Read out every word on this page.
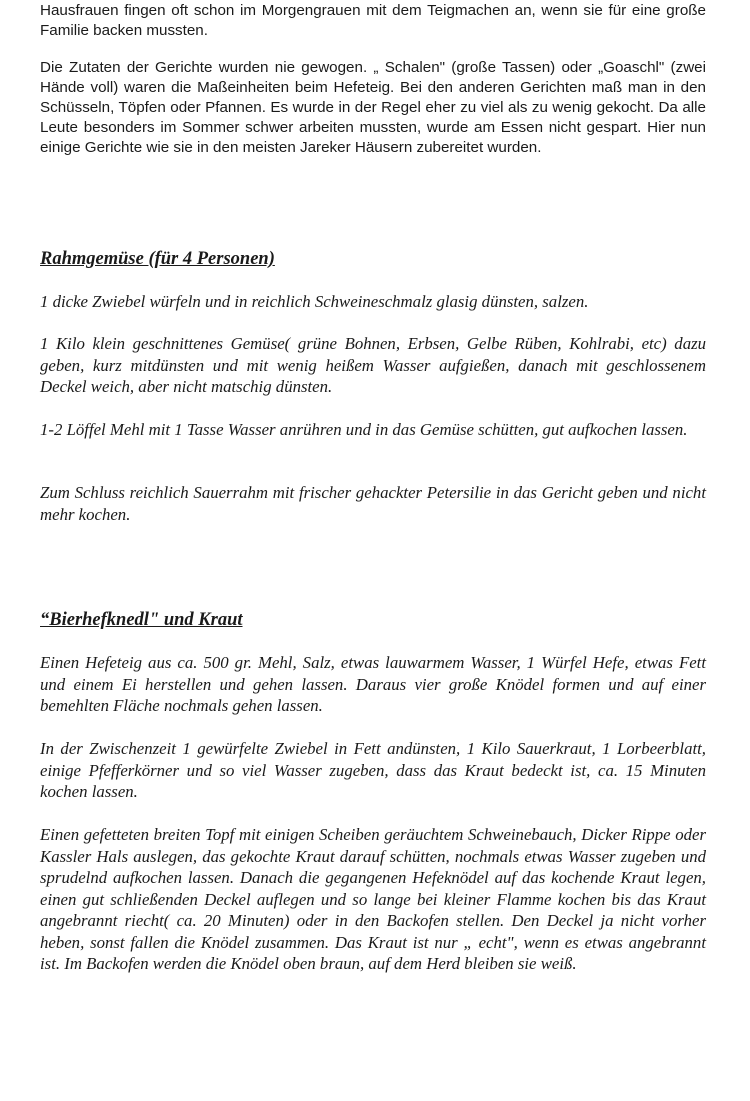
Hausfrauen fingen oft schon im Morgengrauen mit dem Teigmachen an, wenn sie für eine große Familie backen mussten.

Die Zutaten der Gerichte wurden nie gewogen. „ Schalen" (große Tassen) oder „Goaschl" (zwei Hände voll) waren die Maßeinheiten beim Hefeteig. Bei den anderen Gerichten maß man in den Schüsseln, Töpfen oder Pfannen. Es wurde in der Regel eher zu viel als zu wenig gekocht. Da alle Leute besonders im Sommer schwer arbeiten mussten, wurde am Essen nicht gespart. Hier nun einige Gerichte wie sie in den meisten Jareker Häusern zubereitet wurden.

Rahmgemüse (für 4 Personen)

1 dicke Zwiebel würfeln und in reichlich Schweineschmalz glasig dünsten, salzen.

1 Kilo klein geschnittenes Gemüse( grüne Bohnen, Erbsen, Gelbe Rüben, Kohlrabi, etc) dazu geben, kurz mitdünsten und mit wenig heißem Wasser aufgießen, danach mit geschlossenem Deckel weich, aber nicht matschig dünsten.

1-2 Löffel Mehl mit 1 Tasse Wasser anrühren und in das Gemüse schütten, gut aufkochen lassen.

Zum Schluss reichlich Sauerrahm mit frischer gehackter Petersilie in das Gericht geben und nicht mehr kochen.

“Bierhefknedl" und Kraut

Einen Hefeteig aus ca. 500 gr. Mehl, Salz, etwas lauwarmem Wasser, 1 Würfel Hefe, etwas Fett und einem Ei herstellen und gehen lassen. Daraus vier große Knödel formen und auf einer bemehlten Fläche nochmals gehen lassen.

In der Zwischenzeit 1 gewürfelte Zwiebel in Fett andünsten, 1 Kilo Sauerkraut, 1 Lorbeerblatt, einige Pfefferkörner und so viel Wasser zugeben, dass das Kraut bedeckt ist, ca. 15 Minuten kochen lassen.

Einen gefetteten breiten Topf mit einigen Scheiben geräuchtem Schweinebauch, Dicker Rippe oder Kassler Hals auslegen, das gekochte Kraut darauf schütten, nochmals etwas Wasser zugeben und sprudelnd aufkochen lassen. Danach die gegangenen Hefeknödel auf das kochende Kraut legen, einen gut schließenden Deckel auflegen und so lange bei kleiner Flamme kochen bis das Kraut angebrannt riecht( ca. 20 Minuten) oder in den Backofen stellen. Den Deckel ja nicht vorher heben, sonst fallen die Knödel zusammen. Das Kraut ist nur „ echt", wenn es etwas angebrannt ist. Im Backofen werden die Knödel oben braun, auf dem Herd bleiben sie weiß.
